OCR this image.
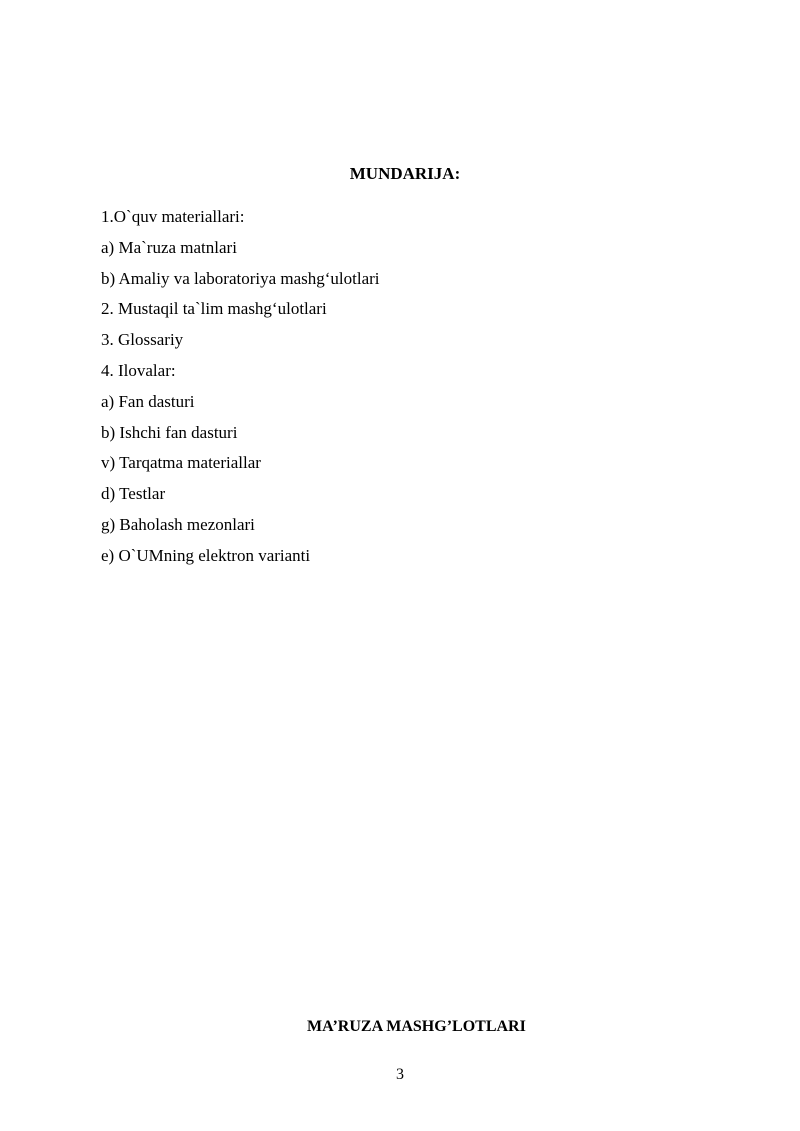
MUNDARIJA:
1.O`quv materiallari:
a) Ma`ruza matnlari
b) Amaliy va laboratoriya mashg‘ulotlari
2. Mustaqil ta`lim mashg‘ulotlari
3. Glossariy
4. Ilovalar:
a) Fan dasturi
b) Ishchi fan dasturi
v) Tarqatma materiallar
d) Testlar
g) Baholash mezonlari
e) O`UMning elektron varianti
MA’RUZA MASHG’LOTLARI
3
